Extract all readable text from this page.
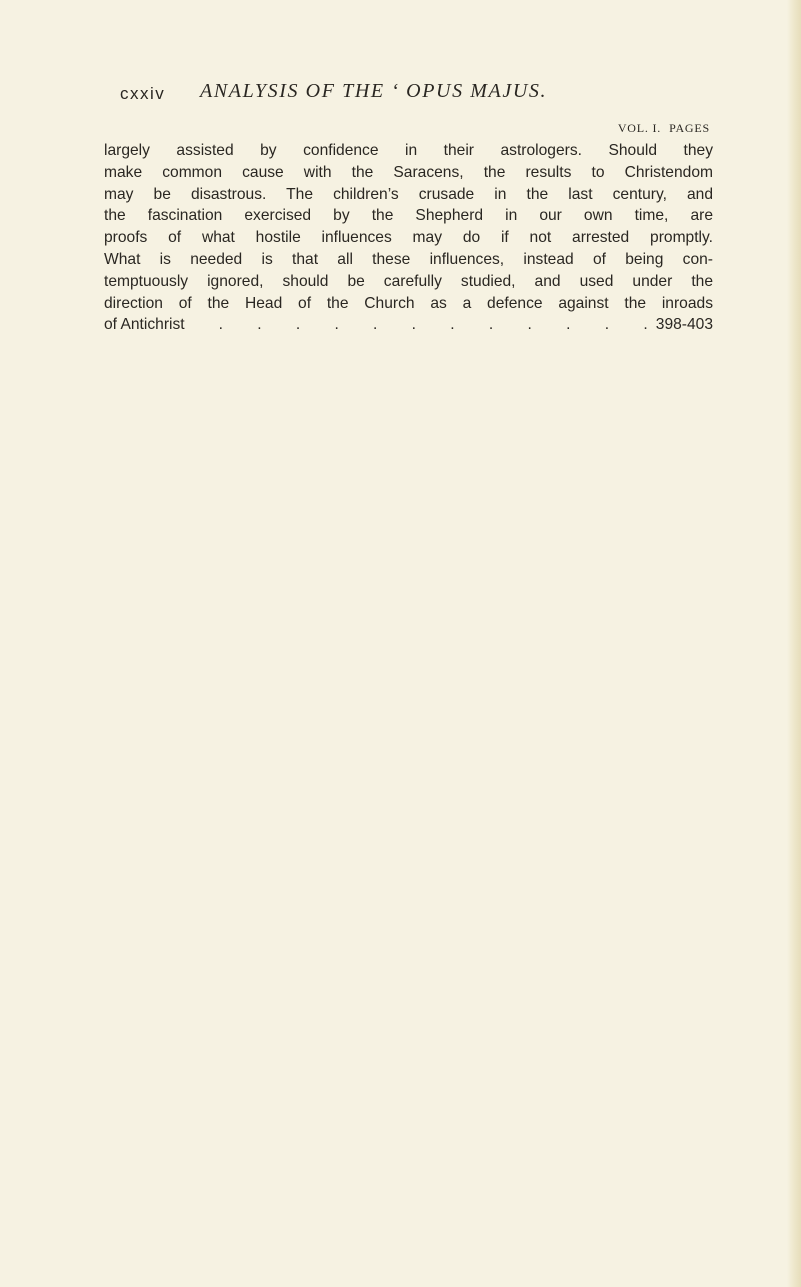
cxxiv ANALYSIS OF THE ‘ OPUS MAJUS.
VOL. I. PAGES
largely assisted by confidence in their astrologers. Should they
make common cause with the Saracens, the results to Christendom
may be disastrous. The children’s crusade in the last century, and
the fascination exercised by the Shepherd in our own time, are
proofs of what hostile influences may do if not arrested promptly.
What is needed is that all these influences, instead of being con-
temptuously ignored, should be carefully studied, and used under the
direction of the Head of the Church as a defence against the inroads
of Antichrist . . . . . . . . . . . . 398-403
